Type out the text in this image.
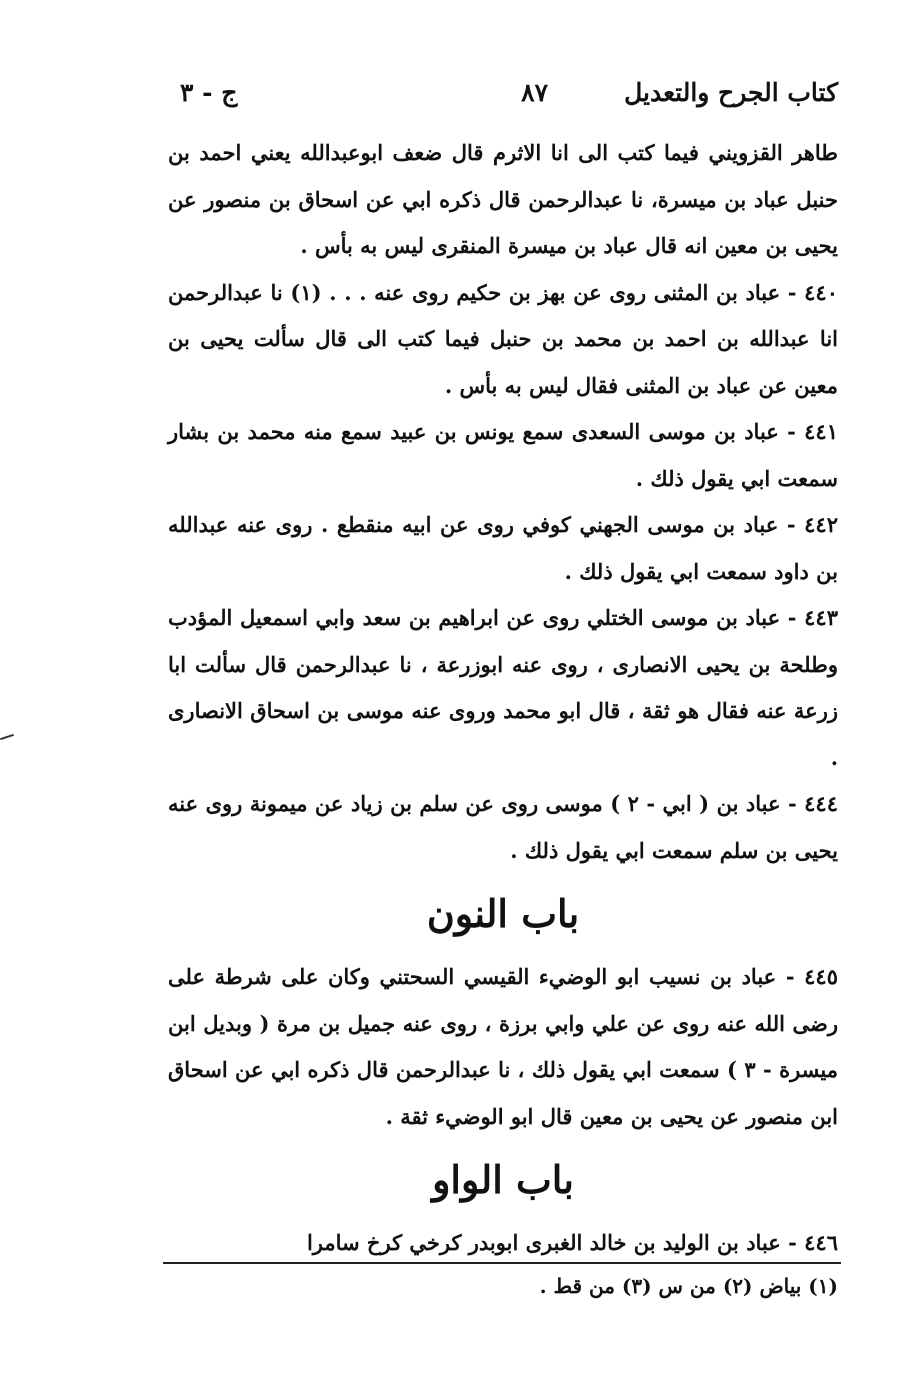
كتاب الجرح والتعديل
٨٧
ج - ٣

طاهر القزويني فيما كتب الى انا الاثرم قال ضعف ابوعبدالله يعني احمد بن حنبل عباد بن ميسرة، نا عبدالرحمن قال ذكره ابي عن اسحاق بن منصور عن يحيى بن معين انه قال عباد بن ميسرة المنقرى ليس به بأس .

٤٤٠ - عباد بن المثنى روى عن بهز بن حكيم روى عنه . . . (١) نا عبدالرحمن انا عبدالله بن احمد بن محمد بن حنبل فيما كتب الى قال سألت يحيى بن معين عن عباد بن المثنى فقال ليس به بأس .

٤٤١ - عباد بن موسى السعدى سمع يونس بن عبيد سمع منه محمد بن بشار سمعت ابي يقول ذلك .

٤٤٢ - عباد بن موسى الجهني كوفي روى عن ابيه منقطع . روى عنه عبدالله بن داود سمعت ابي يقول ذلك .

٤٤٣ - عباد بن موسى الختلي روى عن ابراهيم بن سعد وابي اسمعيل المؤدب وطلحة بن يحيى الانصارى ، روى عنه ابوزرعة ، نا عبدالرحمن قال سألت ابا زرعة عنه فقال هو ثقة ، قال ابو محمد وروى عنه موسى بن اسحاق الانصارى .

٤٤٤ - عباد بن ( ابي - ٢ ) موسى روى عن سلم بن زياد عن ميمونة روى عنه يحيى بن سلم سمعت ابي يقول ذلك .

باب النون

٤٤٥ - عباد بن نسيب ابو الوضيء القيسي السحتني وكان على شرطة على رضى الله عنه روى عن علي وابي برزة ، روى عنه جميل بن مرة ( وبديل ابن ميسرة - ٣ ) سمعت ابي يقول ذلك ، نا عبدالرحمن قال ذكره ابي عن اسحاق ابن منصور عن يحيى بن معين قال ابو الوضيء ثقة .

باب الواو

٤٤٦ - عباد بن الوليد بن خالد الغبرى ابوبدر كرخي كرخ سامرا

(١) بياض (٢) من س (٣) من قط .
